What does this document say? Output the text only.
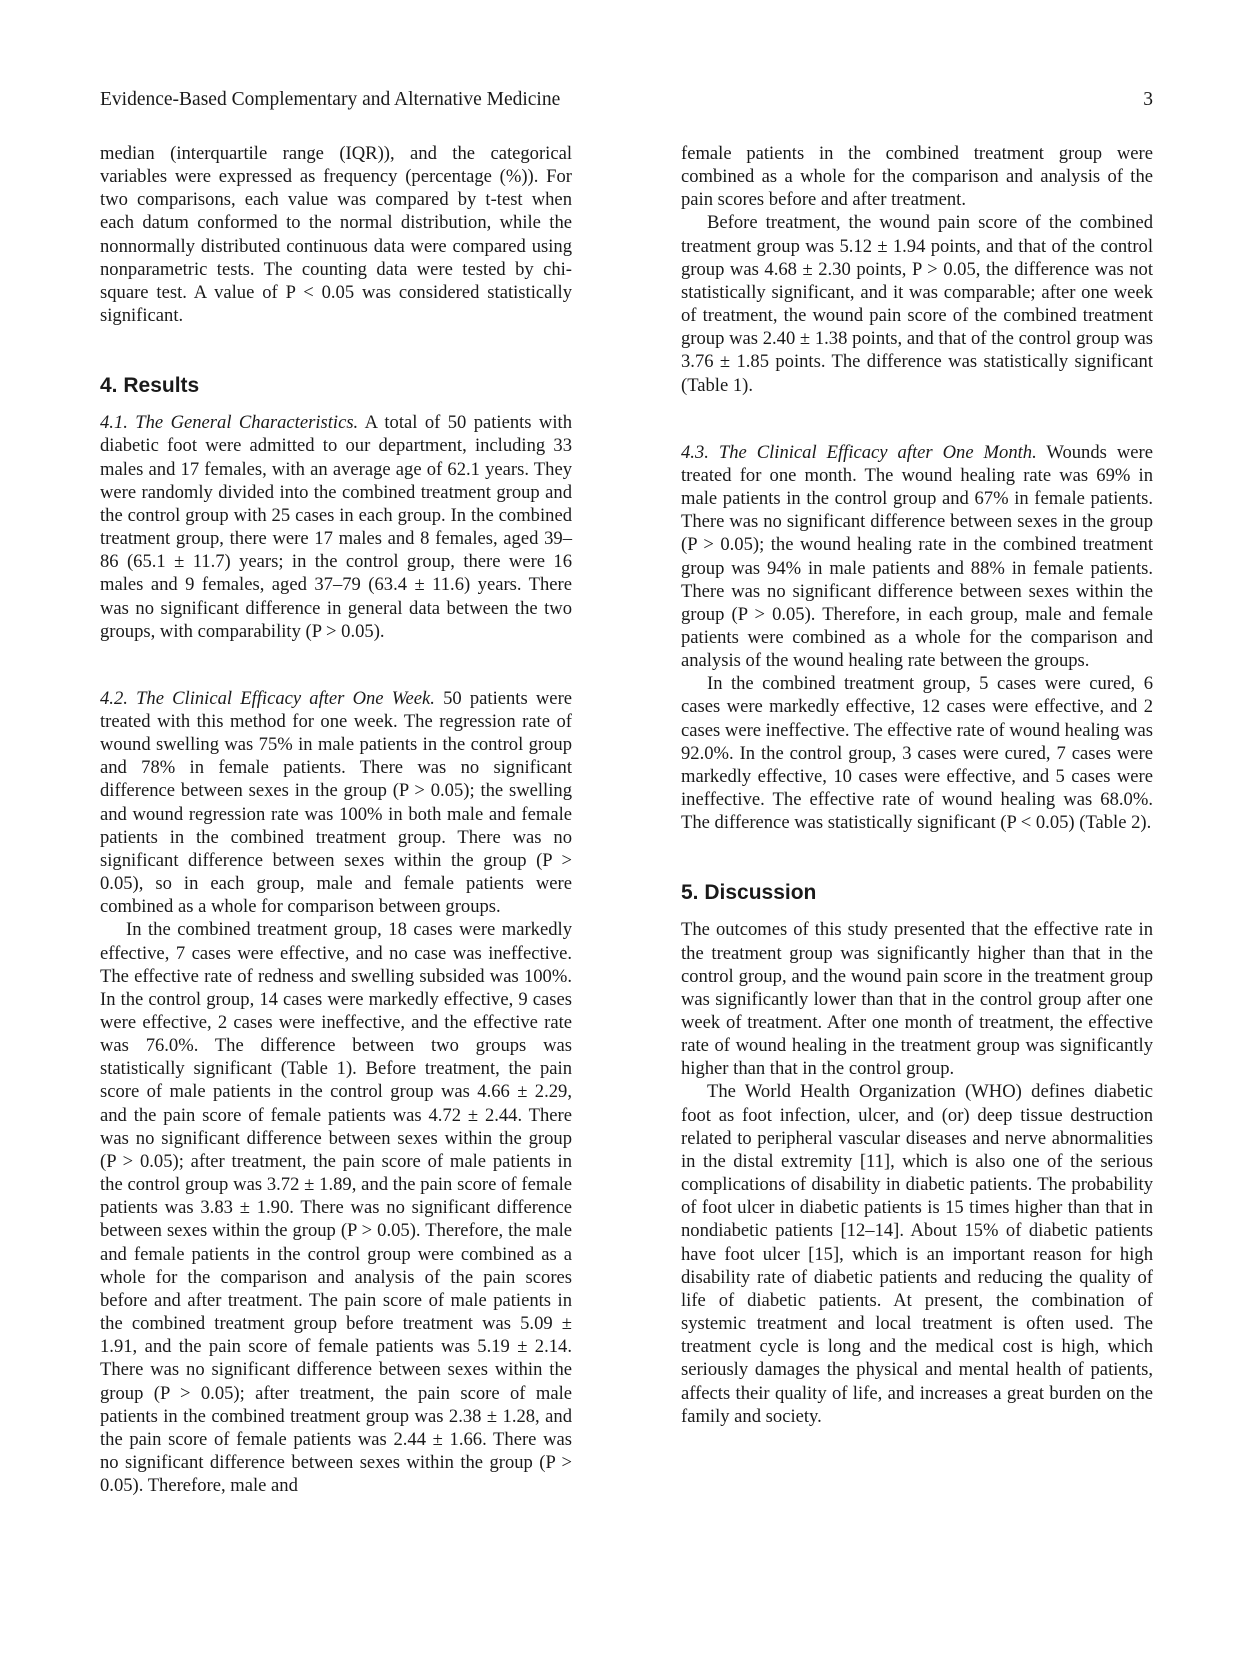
Evidence-Based Complementary and Alternative Medicine	3

median (interquartile range (IQR)), and the categorical variables were expressed as frequency (percentage (%)). For two comparisons, each value was compared by t-test when each datum conformed to the normal distribution, while the nonnormally distributed continuous data were compared using nonparametric tests. The counting data were tested by chi-square test. A value of P < 0.05 was considered statistically significant.

4. Results

4.1. The General Characteristics. A total of 50 patients with diabetic foot were admitted to our department, including 33 males and 17 females, with an average age of 62.1 years. They were randomly divided into the combined treatment group and the control group with 25 cases in each group. In the combined treatment group, there were 17 males and 8 females, aged 39–86 (65.1 ± 11.7) years; in the control group, there were 16 males and 9 females, aged 37–79 (63.4 ± 11.6) years. There was no significant difference in general data between the two groups, with comparability (P > 0.05).

4.2. The Clinical Efficacy after One Week. 50 patients were treated with this method for one week. The regression rate of wound swelling was 75% in male patients in the control group and 78% in female patients. There was no significant difference between sexes in the group (P > 0.05); the swelling and wound regression rate was 100% in both male and female patients in the combined treatment group. There was no significant difference between sexes within the group (P > 0.05), so in each group, male and female patients were combined as a whole for comparison between groups.

In the combined treatment group, 18 cases were markedly effective, 7 cases were effective, and no case was ineffective. The effective rate of redness and swelling subsided was 100%. In the control group, 14 cases were markedly effective, 9 cases were effective, 2 cases were ineffective, and the effective rate was 76.0%. The difference between two groups was statistically significant (Table 1). Before treatment, the pain score of male patients in the control group was 4.66 ± 2.29, and the pain score of female patients was 4.72 ± 2.44. There was no significant difference between sexes within the group (P > 0.05); after treatment, the pain score of male patients in the control group was 3.72 ± 1.89, and the pain score of female patients was 3.83 ± 1.90. There was no significant difference between sexes within the group (P > 0.05). Therefore, the male and female patients in the control group were combined as a whole for the comparison and analysis of the pain scores before and after treatment. The pain score of male patients in the combined treatment group before treatment was 5.09 ± 1.91, and the pain score of female patients was 5.19 ± 2.14. There was no significant difference between sexes within the group (P > 0.05); after treatment, the pain score of male patients in the combined treatment group was 2.38 ± 1.28, and the pain score of female patients was 2.44 ± 1.66. There was no significant difference between sexes within the group (P > 0.05). Therefore, male and

female patients in the combined treatment group were combined as a whole for the comparison and analysis of the pain scores before and after treatment.

Before treatment, the wound pain score of the combined treatment group was 5.12 ± 1.94 points, and that of the control group was 4.68 ± 2.30 points, P > 0.05, the difference was not statistically significant, and it was comparable; after one week of treatment, the wound pain score of the combined treatment group was 2.40 ± 1.38 points, and that of the control group was 3.76 ± 1.85 points. The difference was statistically significant (Table 1).

4.3. The Clinical Efficacy after One Month. Wounds were treated for one month. The wound healing rate was 69% in male patients in the control group and 67% in female patients. There was no significant difference between sexes in the group (P > 0.05); the wound healing rate in the combined treatment group was 94% in male patients and 88% in female patients. There was no significant difference between sexes within the group (P > 0.05). Therefore, in each group, male and female patients were combined as a whole for the comparison and analysis of the wound healing rate between the groups.

In the combined treatment group, 5 cases were cured, 6 cases were markedly effective, 12 cases were effective, and 2 cases were ineffective. The effective rate of wound healing was 92.0%. In the control group, 3 cases were cured, 7 cases were markedly effective, 10 cases were effective, and 5 cases were ineffective. The effective rate of wound healing was 68.0%. The difference was statistically significant (P < 0.05) (Table 2).

5. Discussion

The outcomes of this study presented that the effective rate in the treatment group was significantly higher than that in the control group, and the wound pain score in the treatment group was significantly lower than that in the control group after one week of treatment. After one month of treatment, the effective rate of wound healing in the treatment group was significantly higher than that in the control group.

The World Health Organization (WHO) defines diabetic foot as foot infection, ulcer, and (or) deep tissue destruction related to peripheral vascular diseases and nerve abnormalities in the distal extremity [11], which is also one of the serious complications of disability in diabetic patients. The probability of foot ulcer in diabetic patients is 15 times higher than that in nondiabetic patients [12–14]. About 15% of diabetic patients have foot ulcer [15], which is an important reason for high disability rate of diabetic patients and reducing the quality of life of diabetic patients. At present, the combination of systemic treatment and local treatment is often used. The treatment cycle is long and the medical cost is high, which seriously damages the physical and mental health of patients, affects their quality of life, and increases a great burden on the family and society.
